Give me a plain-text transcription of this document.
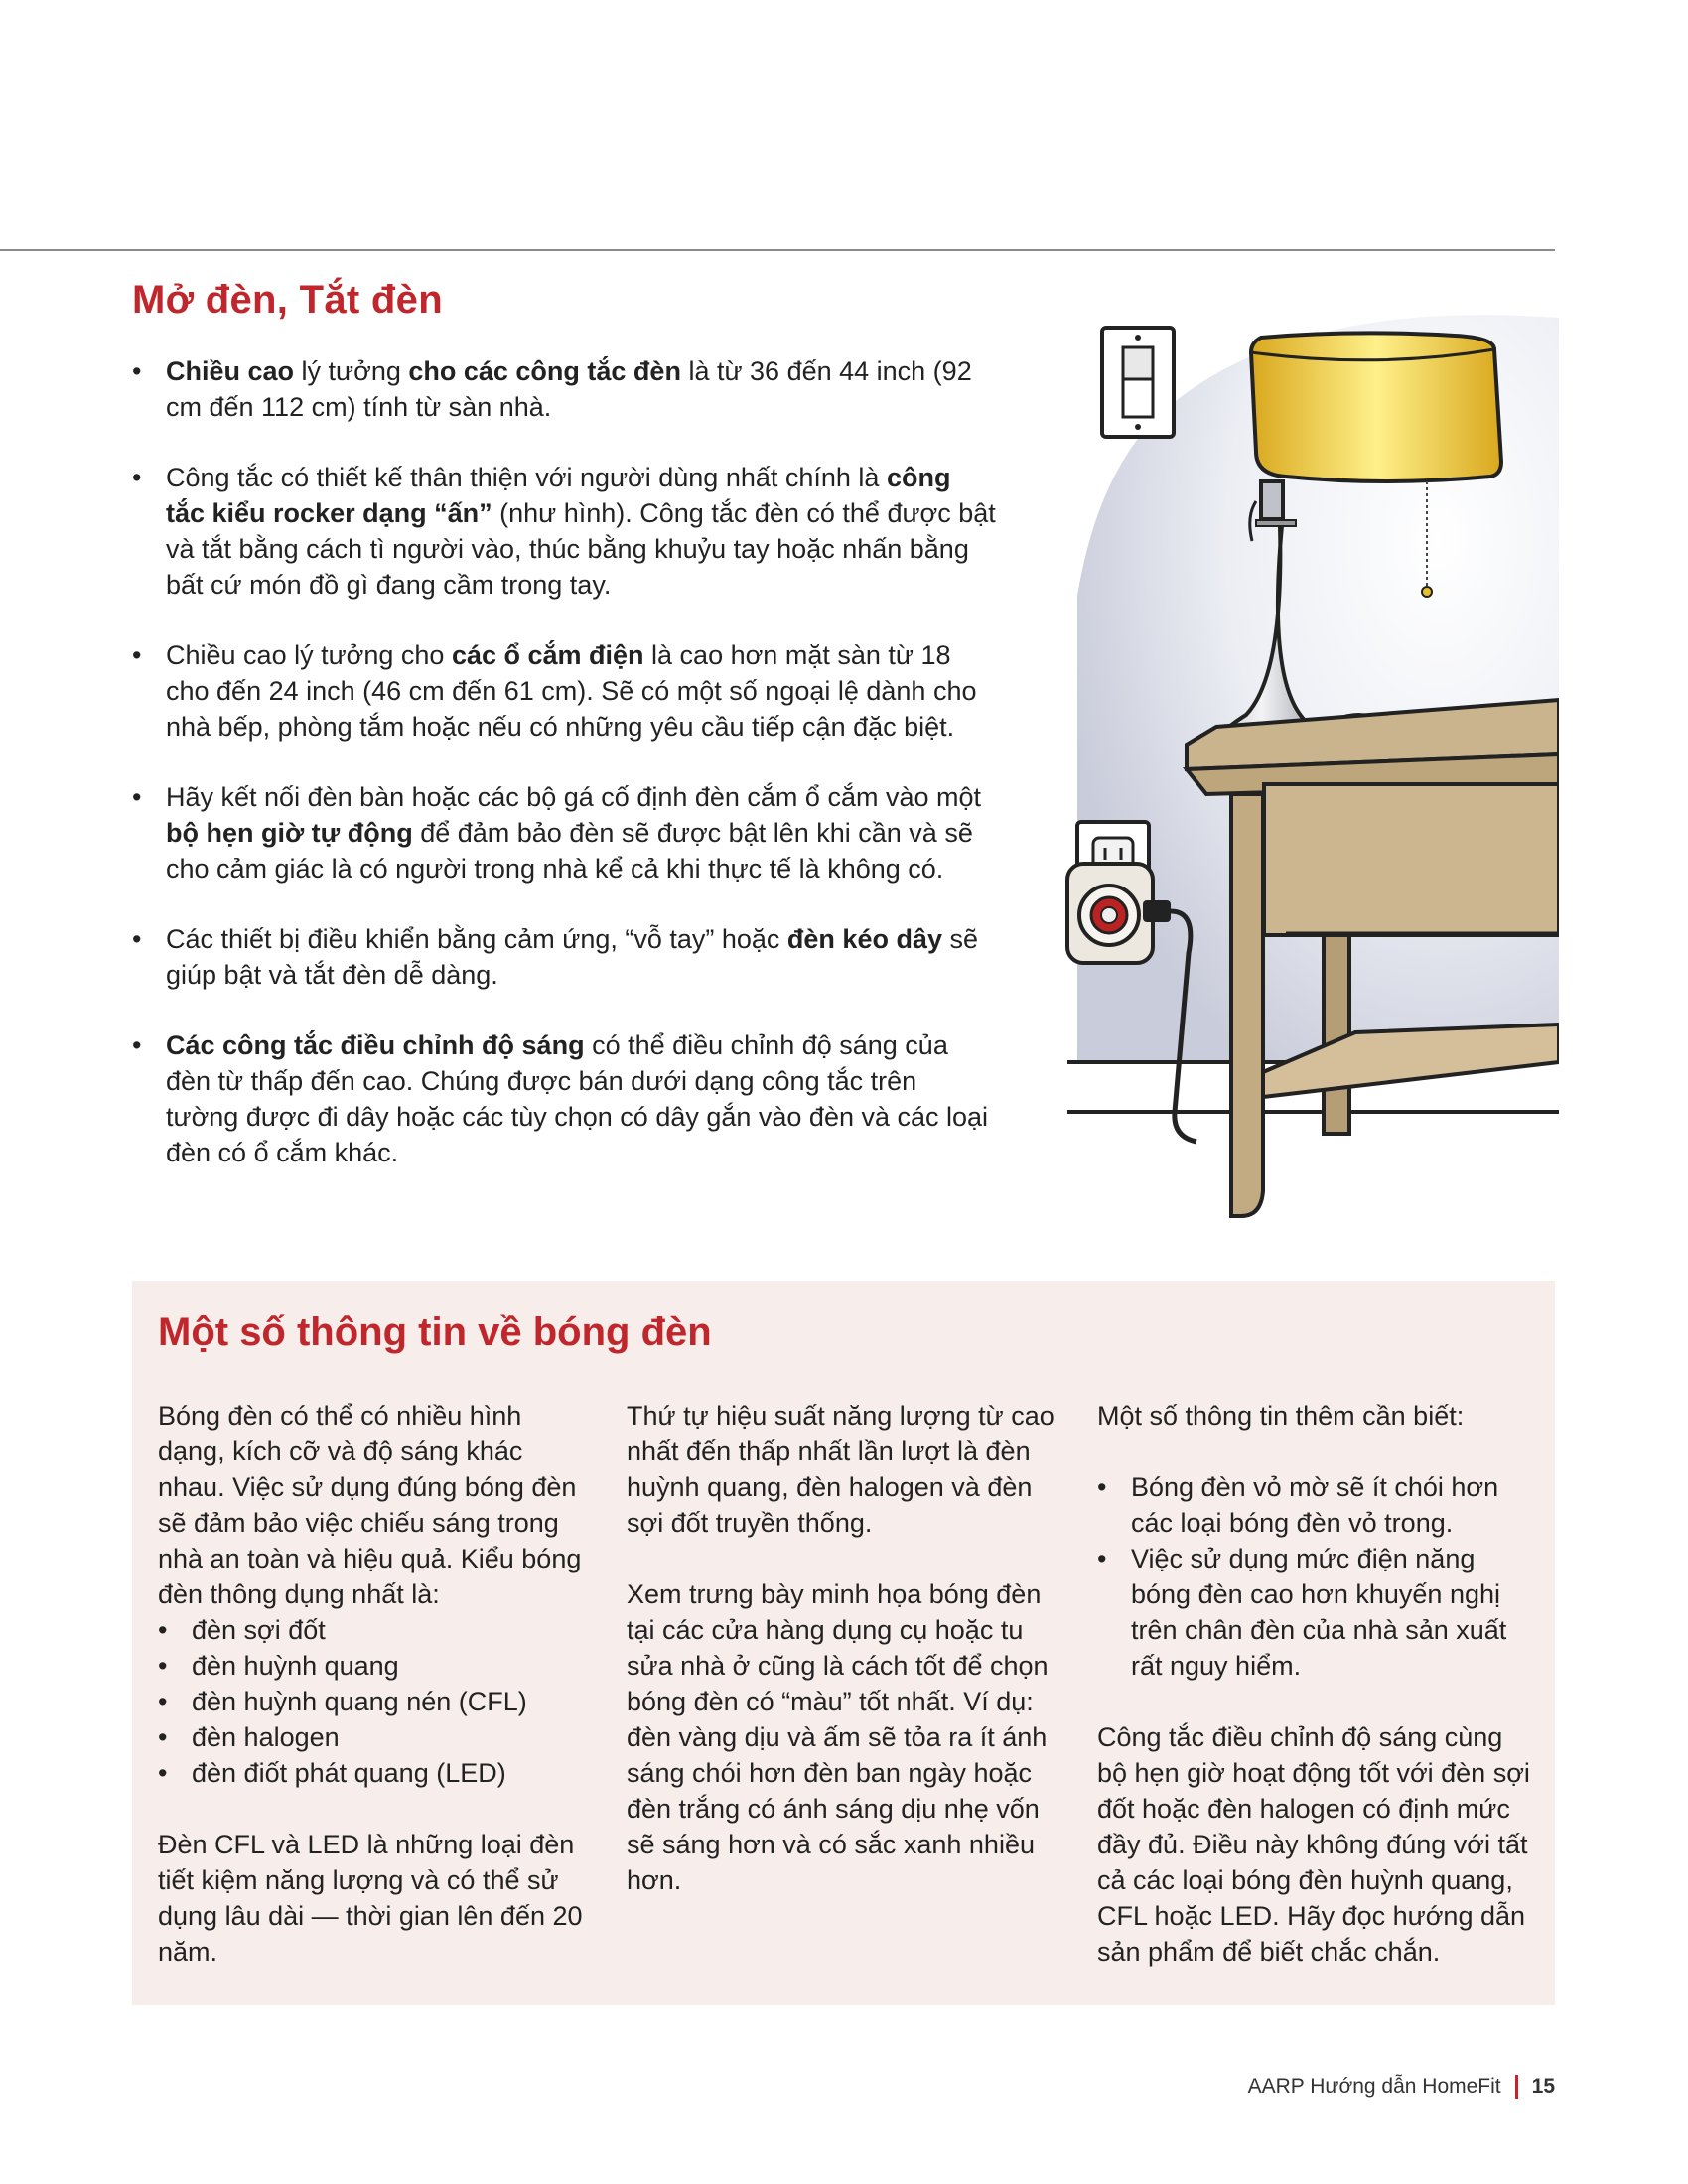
Mở đèn, Tắt đèn
• Chiều cao lý tưởng cho các công tắc đèn là từ 36 đến 44 inch (92 cm đến 112 cm) tính từ sàn nhà.
• Công tắc có thiết kế thân thiện với người dùng nhất chính là công tắc kiểu rocker dạng “ấn” (như hình). Công tắc đèn có thể được bật và tắt bằng cách tì người vào, thúc bằng khuỷu tay hoặc nhấn bằng bất cứ món đồ gì đang cầm trong tay.
• Chiều cao lý tưởng cho các ổ cắm điện là cao hơn mặt sàn từ 18 cho đến 24 inch (46 cm đến 61 cm). Sẽ có một số ngoại lệ dành cho nhà bếp, phòng tắm hoặc nếu có những yêu cầu tiếp cận đặc biệt.
• Hãy kết nối đèn bàn hoặc các bộ gá cố định đèn cắm ổ cắm vào một bộ hẹn giờ tự động để đảm bảo đèn sẽ được bật lên khi cần và sẽ cho cảm giác là có người trong nhà kể cả khi thực tế là không có.
• Các thiết bị điều khiển bằng cảm ứng, “vỗ tay” hoặc đèn kéo dây sẽ giúp bật và tắt đèn dễ dàng.
• Các công tắc điều chỉnh độ sáng có thể điều chỉnh độ sáng của đèn từ thấp đến cao. Chúng được bán dưới dạng công tắc trên tường được đi dây hoặc các tùy chọn có dây gắn vào đèn và các loại đèn có ổ cắm khác.
Một số thông tin về bóng đèn

Bóng đèn có thể có nhiều hình dạng, kích cỡ và độ sáng khác nhau. Việc sử dụng đúng bóng đèn sẽ đảm bảo việc chiếu sáng trong nhà an toàn và hiệu quả. Kiểu bóng đèn thông dụng nhất là:

• đèn sợi đốt
• đèn huỳnh quang
• đèn huỳnh quang nén (CFL)
• đèn halogen
• đèn điốt phát quang (LED)

Đèn CFL và LED là những loại đèn tiết kiệm năng lượng và có thể sử dụng lâu dài — thời gian lên đến 20 năm.

Thứ tự hiệu suất năng lượng từ cao nhất đến thấp nhất lần lượt là đèn huỳnh quang, đèn halogen và đèn sợi đốt truyền thống.

Xem trưng bày minh họa bóng đèn tại các cửa hàng dụng cụ hoặc tu sửa nhà ở cũng là cách tốt để chọn bóng đèn có “màu” tốt nhất. Ví dụ: đèn vàng dịu và ấm sẽ tỏa ra ít ánh sáng chói hơn đèn ban ngày hoặc đèn trắng có ánh sáng dịu nhẹ vốn sẽ sáng hơn và có sắc xanh nhiều hơn.

Một số thông tin thêm cần biết:

• Bóng đèn vỏ mờ sẽ ít chói hơn các loại bóng đèn vỏ trong.
• Việc sử dụng mức điện năng bóng đèn cao hơn khuyến nghị trên chân đèn của nhà sản xuất rất nguy hiểm.

Công tắc điều chỉnh độ sáng cùng bộ hẹn giờ hoạt động tốt với đèn sợi đốt hoặc đèn halogen có định mức đầy đủ. Điều này không đúng với tất cả các loại bóng đèn huỳnh quang, CFL hoặc LED. Hãy đọc hướng dẫn sản phẩm để biết chắc chắn.

AARP Hướng dẫn HomeFit 15
